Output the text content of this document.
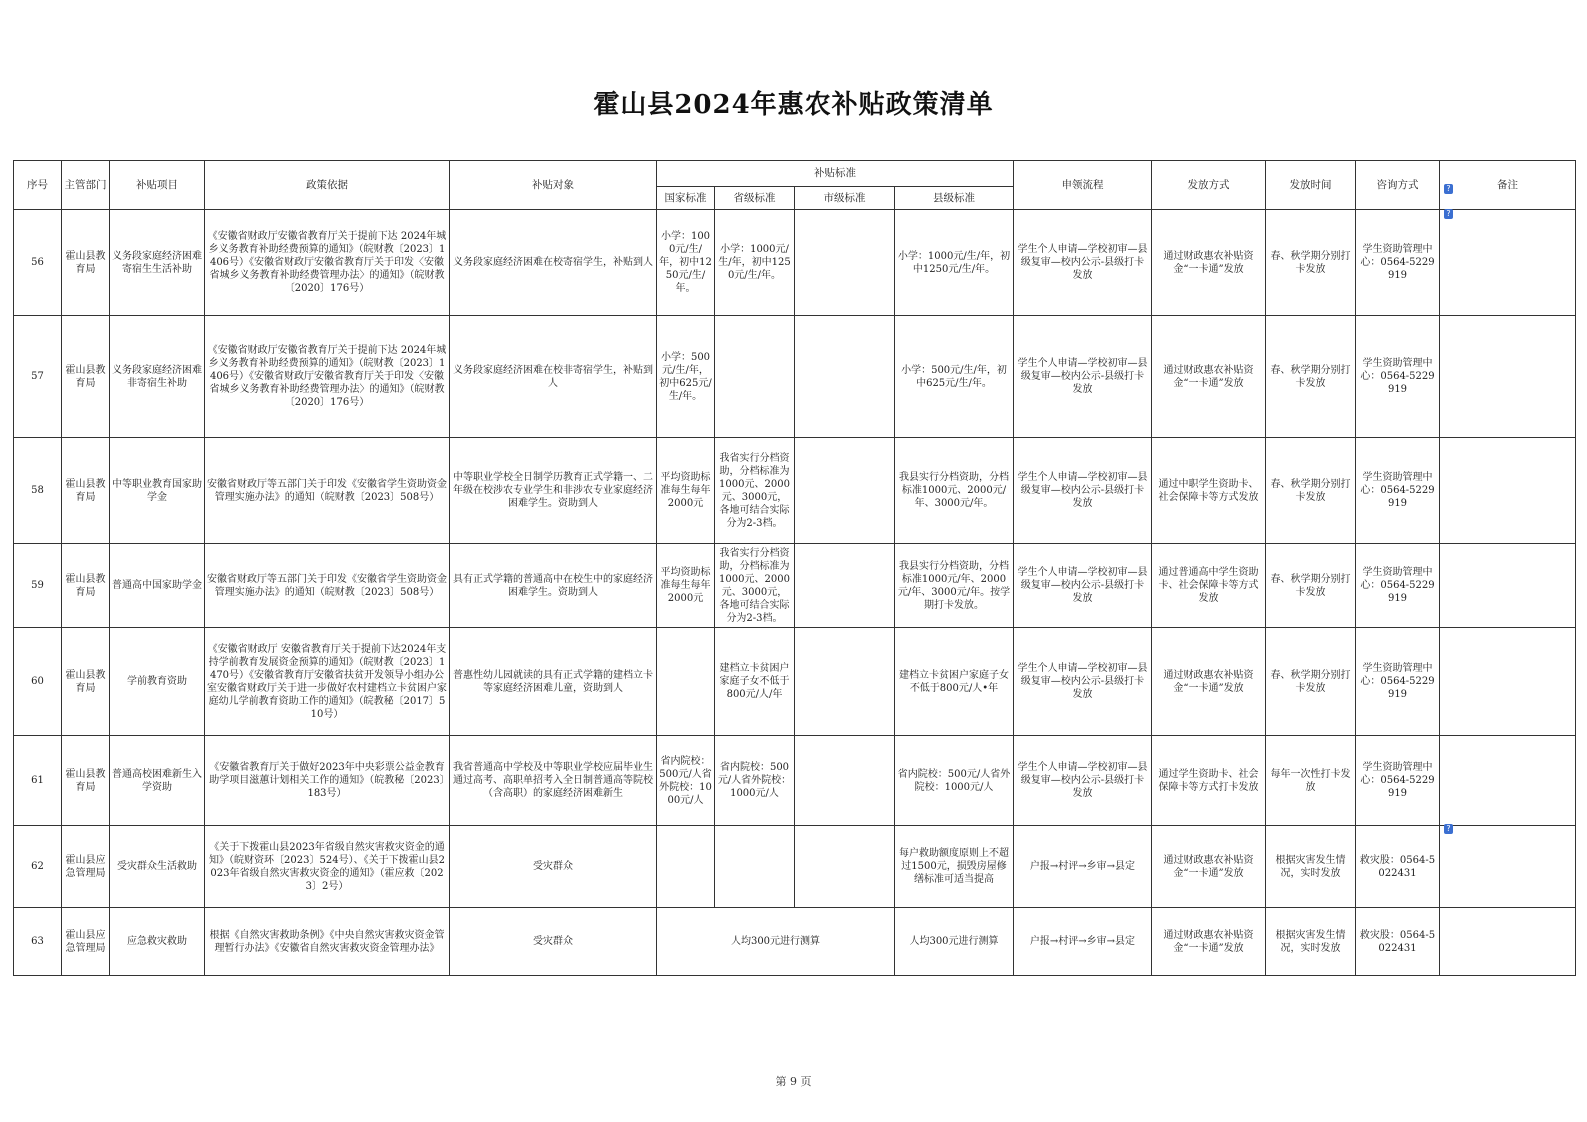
霍山县2024年惠农补贴政策清单
序号	主管部门	补贴项目	政策依据	补贴对象	补贴标准				申领流程	发放方式	发放时间	咨询方式	备注
					国家标准	省级标准	市级标准	县级标准					
56	霍山县教育局	义务段家庭经济困难寄宿生生活补助	《安徽省财政厅安徽省教育厅关于提前下达 2024年城乡义务教育补助经费预算的通知》（皖财教〔2023〕1406号）《安徽省财政厅安徽省教育厅关于印发〈安徽省城乡义务教育补助经费管理办法〉的通知》（皖财教〔2020〕176号）	义务段家庭经济困难在校寄宿学生，补贴到人	小学：1000元/生/年，初中1250元/生/年。	小学：1000元/生/年，初中1250元/生/年。		小学：1000元/生/年，初中1250元/生/年。	学生个人申请—学校初审—县级复审—校内公示-县级打卡发放	通过财政惠农补贴资金“一卡通”发放	春、秋学期分别打卡发放	学生资助管理中心：0564-5229919	
57	霍山县教育局	义务段家庭经济困难非寄宿生补助	《安徽省财政厅安徽省教育厅关于提前下达 2024年城乡义务教育补助经费预算的通知》（皖财教〔2023〕1406号）《安徽省财政厅安徽省教育厅关于印发〈安徽省城乡义务教育补助经费管理办法〉的通知》（皖财教〔2020〕176号）	义务段家庭经济困难在校非寄宿学生，补贴到人	小学：500元/生/年，初中625元/生/年。			小学：500元/生/年，初中625元/生/年。	学生个人申请—学校初审—县级复审—校内公示-县级打卡发放	通过财政惠农补贴资金“一卡通”发放	春、秋学期分别打卡发放	学生资助管理中心：0564-5229919	
58	霍山县教育局	中等职业教育国家助学金	安徽省财政厅等五部门关于印发《安徽省学生资助资金管理实施办法》的通知（皖财教〔2023〕508号）	中等职业学校全日制学历教育正式学籍一、二年级在校涉农专业学生和非涉农专业家庭经济困难学生。资助到人	平均资助标准每生每年2000元	我省实行分档资助，分档标准为1000元、2000元、3000元，各地可结合实际分为2-3档。		我县实行分档资助，分档标准1000元、2000元/年、3000元/年。	学生个人申请—学校初审—县级复审—校内公示-县级打卡发放	通过中职学生资助卡、社会保障卡等方式发放	春、秋学期分别打卡发放	学生资助管理中心：0564-5229919	
59	霍山县教育局	普通高中国家助学金	安徽省财政厅等五部门关于印发《安徽省学生资助资金管理实施办法》的通知（皖财教〔2023〕508号）	具有正式学籍的普通高中在校生中的家庭经济困难学生。资助到人	平均资助标准每生每年2000元	我省实行分档资助，分档标准为1000元、2000元、3000元，各地可结合实际分为2-3档。		我县实行分档资助，分档标准1000元/年、2000元/年、3000元/年。按学期打卡发放。	学生个人申请—学校初审—县级复审—校内公示-县级打卡发放	通过普通高中学生资助卡、社会保障卡等方式发放	春、秋学期分别打卡发放	学生资助管理中心：0564-5229919	
60	霍山县教育局	学前教育资助	《安徽省财政厅 安徽省教育厅关于提前下达2024年支持学前教育发展资金预算的通知》（皖财教〔2023〕1470号）《安徽省教育厅安徽省扶贫开发领导小组办公室安徽省财政厅关于进一步做好农村建档立卡贫困户家庭幼儿学前教育资助工作的通知》（皖教秘〔2017〕510号）	普惠性幼儿园就读的具有正式学籍的建档立卡等家庭经济困难儿童，资助到人		建档立卡贫困户家庭子女不低于800元/人/年		建档立卡贫困户家庭子女不低于800元/人•年	学生个人申请—学校初审—县级复审—校内公示-县级打卡发放	通过财政惠农补贴资金“一卡通”发放	春、秋学期分别打卡发放	学生资助管理中心：0564-5229919	
61	霍山县教育局	普通高校困难新生入学资助	《安徽省教育厅关于做好2023年中央彩票公益金教育助学项目滋蕙计划相关工作的通知》（皖教秘〔2023〕183号）	我省普通高中学校及中等职业学校应届毕业生通过高考、高职单招考入全日制普通高等院校（含高职）的家庭经济困难新生	省内院校：500元/人省外院校：1000元/人	省内院校：500元/人省外院校：1000元/人		省内院校：500元/人省外院校：1000元/人	学生个人申请—学校初审—县级复审—校内公示-县级打卡发放	通过学生资助卡、社会保障卡等方式打卡发放	每年一次性打卡发放	学生资助管理中心：0564-5229919	
62	霍山县应急管理局	受灾群众生活救助	《关于下拨霍山县2023年省级自然灾害救灾资金的通知》（皖财资环〔2023〕524号）、《关于下拨霍山县2023年省级自然灾害救灾资金的通知》（霍应救〔2023〕2号）	受灾群众				每户救助额度原则上不超过1500元，损毁房屋修缮标准可适当提高	户报→村评→乡审→县定	通过财政惠农补贴资金“一卡通”发放	根据灾害发生情况，实时发放	救灾股：0564-5022431	
63	霍山县应急管理局	应急救灾救助	根据《自然灾害救助条例》《中央自然灾害救灾资金管理暂行办法》《安徽省自然灾害救灾资金管理办法》	受灾群众	人均300元进行测算			人均300元进行测算	户报→村评→乡审→县定	通过财政惠农补贴资金“一卡通”发放	根据灾害发生情况，实时发放	救灾股：0564-5022431	
?
?
?
第 9 页
